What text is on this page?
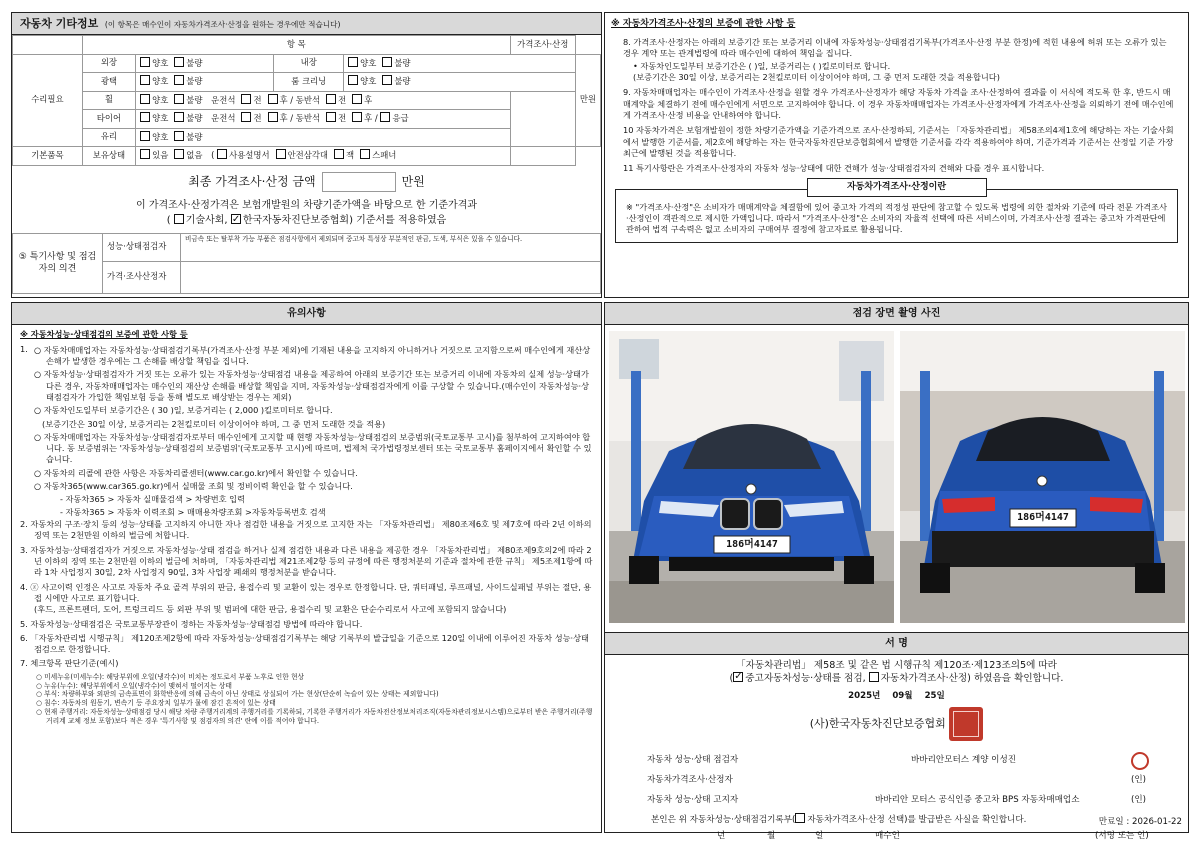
자동차 기타정보 (이 항목은 매수인이 자동차가격조사·산정을 원하는 경우에만 적습니다)
	항 목				가격조사·산정	
수리필요	외장	양호 불량	내장	양호 불량		만원
	광택	양호 불량	룸 크리닝	양호 불량		
	휠	양호 불량 운전석 전 후 / 동반석 전 후				
	타이어	양호 불량 운전석 전 후 / 동반석 전 후 / 응급				
	유리	양호 불량				
기본품목	보유상태	있음 없음 ( 사용설명서 안전삼각대 잭 스패너				
최종 가격조사·산정 금액	만원
이 가격조사·산정가격은 보험개발원의 차량기준가액을 바탕으로 한 기준가격과
( 기술사회, ✓ 한국자동차진단보증협회) 기준서를 적용하였음
⑤ 특기사항 및 점검자의 의견	성능·상태점검자	비금속 또는 탈부착 가능 부품은 점검사항에서 제외되며 중고차 특성상 부분적인 판금, 도색, 부식은 있을 수 있습니다.
	가격·조사산정자	
※ 자동차가격조사·산정의 보증에 관한 사항 등

8. 가격조사·산정자는 아래의 보증기간 또는 보증거리 이내에 자동차성능·상태점검기록부(가격조사·산정 부분 한정)에 적힌 내용에 허위 또는 오류가 있는 경우 계약 또는 관계법령에 따라 매수인에 대하여 책임을 집니다.

• 자동차인도일부터 보증기간은 ( )일, 보증거리는 ( )킬로미터로 합니다.

(보증기간은 30일 이상, 보증거리는 2천킬로미터 이상이어야 하며, 그 중 먼저 도래한 것을 적용합니다)

9. 자동차매매업자는 매수인이 가격조사·산정을 원할 경우 가격조사·산정자가 해당 자동차 가격을 조사·산정하여 결과를 이 서식에 적도록 한 후, 반드시 매매계약을 체결하기 전에 매수인에게 서면으로 고지하여야 합니다. 이 경우 자동차매매업자는 가격조사·산정자에게 가격조사·산정을 의뢰하기 전에 매수인에게 가격조사·산정 비용을 안내하여야 합니다.

10 자동차가격은 보험개발원이 정한 차량기준가액을 기준가격으로 조사·산정하되, 기준서는 「자동차관리법」 제58조의4제1호에 해당하는 자는 기술사회에서 발행한 기준서를, 제2호에 해당하는 자는 한국자동차진단보증협회에서 발행한 기준서를 각각 적용하여야 하며, 기준가격과 기준서는 산정일 기준 가장 최근에 발행된 것을 적용합니다.

11 특기사항란은 가격조사·산정자의 자동차 성능·상태에 대한 견해가 성능·상태점검자의 견해와 다를 경우 표시합니다.

자동차가격조사·산정이란
※ "가격조사·산정"은 소비자가 매매계약을 체결함에 있어 중고차 가격의 적정성 판단에 참고할 수 있도록 법령에 의한 절차와 기준에 따라 전문 가격조사·산정인이 객관적으로 제시한 가액입니다. 따라서 "가격조사·산정"은 소비자의 자율적 선택에 따른 서비스이며, 가격조사·산정 결과는 중고차 가격판단에 관하여 법적 구속력은 없고 소비자의 구매여부 결정에 참고자료로 활용됩니다.
유의사항
※ 자동차성능·상태점검의 보증에 관한 사항 등
1. ○ 자동차매매업자는 자동차성능·상태점검기록부(가격조사·산정 부분 제외)에 기재된 내용을 고지하지 아니하거나 거짓으로 고지함으로써 매수인에게 재산상 손해가 발생한 경우에는 그 손해를 배상할 책임을 집니다.
○ 자동차성능·상태점검자가 거짓 또는 오류가 있는 자동차성능·상태점검 내용을 제공하여 아래의 보증기간 또는 보증거리 이내에 자동차의 실제 성능·상태가 다른 경우, 자동차매매업자는 매수인의 재산상 손해를 배상할 책임을 지며, 자동차성능·상태점검자에게 이를 구상할 수 있습니다.(매수인이 자동차성능·상태점검자가 가입한 책임보험 등을 통해 별도로 배상받는 경우는 제외)
○ 자동차인도일부터 보증기간은 ( 30 )일, 보증거리는 ( 2,000 )킬로미터로 합니다.
(보증기간은 30일 이상, 보증거리는 2천킬로미터 이상이어야 하며, 그 중 먼저 도래한 것을 적용)
○ 자동차매매업자는 자동차성능·상태점검자로부터 매수인에게 고지할 때 현행 자동차성능·상태점검의 보증범위(국토교통부 고시)를 첨부하여 고지하여야 합니다. 동 보증범위는 '자동차성능·상태점검의 보증범위'(국토교통부 고시)에 따르며, 법제처 국가법령정보센터 또는 국토교통부 홈페이지에서 확인할 수 있습니다.
○ 자동차의 리콜에 관한 사항은 자동차리콜센터(www.car.go.kr)에서 확인할 수 있습니다.
○ 자동차365(www.car365.go.kr)에서 실매물 조회 및 정비이력 확인을 할 수 있습니다.
- 자동차365 > 자동차 실매물검색 > 차량번호 입력
- 자동차365 > 자동차 이력조회 > 매매용차량조회 >자동차등록번호 검색
2. 자동차의 구조·장치 등의 성능·상태를 고지하지 아니한 자나 점검한 내용을 거짓으로 고지한 자는 「자동차관리법」 제80조제6호 및 제7호에 따라 2년 이하의 징역 또는 2천만원 이하의 벌금에 처합니다.
3. 자동차성능·상태점검자가 거짓으로 자동차성능·상태 점검을 하거나 실제 점검한 내용과 다른 내용을 제공한 경우 「자동차관리법」 제80조제9호의2에 따라 2년 이하의 징역 또는 2천만원 이하의 벌금에 처하며, 「자동차관리법 제21조제2항 등의 규정에 따른 행정처분의 기준과 절차에 관한 규칙」 제5조제1항에 따라 1차 사업정지 30일, 2차 사업정지 90일, 3차 사업장 폐쇄의 행정처분을 받습니다.
4. ⓩ 사고이력 인정은 사고로 자동차 주요 골격 부위의 판금, 용접수리 및 교환이 있는 경우로 한정합니다. 단, 쿼터패널, 루프패널, 사이드실패널 부위는 절단, 용접 시에만 사고로 표기합니다.
(후드, 프론트펜더, 도어, 트렁크리드 등 외판 부위 및 범퍼에 대한 판금, 용접수리 및 교환은 단순수리로서 사고에 포함되지 않습니다)
5. 자동차성능·상태점검은 국토교통부장관이 정하는 자동차성능·상태점검 방법에 따라야 합니다.
6. 「자동차관리법 시행규칙」 제120조제2항에 따라 자동차성능·상태점검기록부는 해당 기록부의 발급일을 기준으로 120일 이내에 이루어진 자동차 성능·상태점검으로 한정합니다.
7. 체크항목 판단기준(예시)
○ 미세누유(미세누수): 해당부위에 오일(냉각수)이 비치는 정도로서 부품 노후로 인한 현상
○ 누유(누수): 해당부위에서 오일(냉각수)이 맺혀서 떨어지는 상태
○ 부식: 차량하부와 외판의 금속표면이 화학반응에 의해 금속이 아닌 상태로 상실되어 가는 현상(단순히 녹슬어 있는 상태는 제외합니다)
○ 침수: 자동차의 원동기, 변속기 등 주요장치 일부가 물에 잠긴 흔적이 있는 상태
○ 현재 주행거리: 자동차성능·상태점검 당시 해당 차량 주행거리계의 주행거리를 기록하되, 기록한 주행거리가 자동차전산정보처리조직(자동차관리정보시스템)으로부터 받은 주행거리(주행거리계 교체 정보 포함)보다 적은 경우 '특기사항 및 점검자의 의견' 란에 이를 적어야 합니다.
점검 장면 촬영 사진
186머4147
186머4147
서 명
「자동차관리법」 제58조 및 같은 법 시행규칙 제120조·제123조의5에 따라
( ✓ 중고자동차성능·상태를 점검, 자동차가격조사·산정) 하였음을 확인합니다.
2025년 09월 25일
(사)한국자동차진단보증협회
자동차 성능·상태 점검자	바바리안모터스 계양 이성진
자동차가격조사·산정자	(인)
자동차 성능·상태 고지자	바바리안 모터스 공식인증 중고차 BPS 자동차매매업소	(인)
본인은 위 자동차성능·상태점검기록부( 자동차가격조사·산정 선택)를 발급받은 사실을 확인합니다.
년	월	일	매수인	(서명 또는 인)
만료일 : 2026-01-22
